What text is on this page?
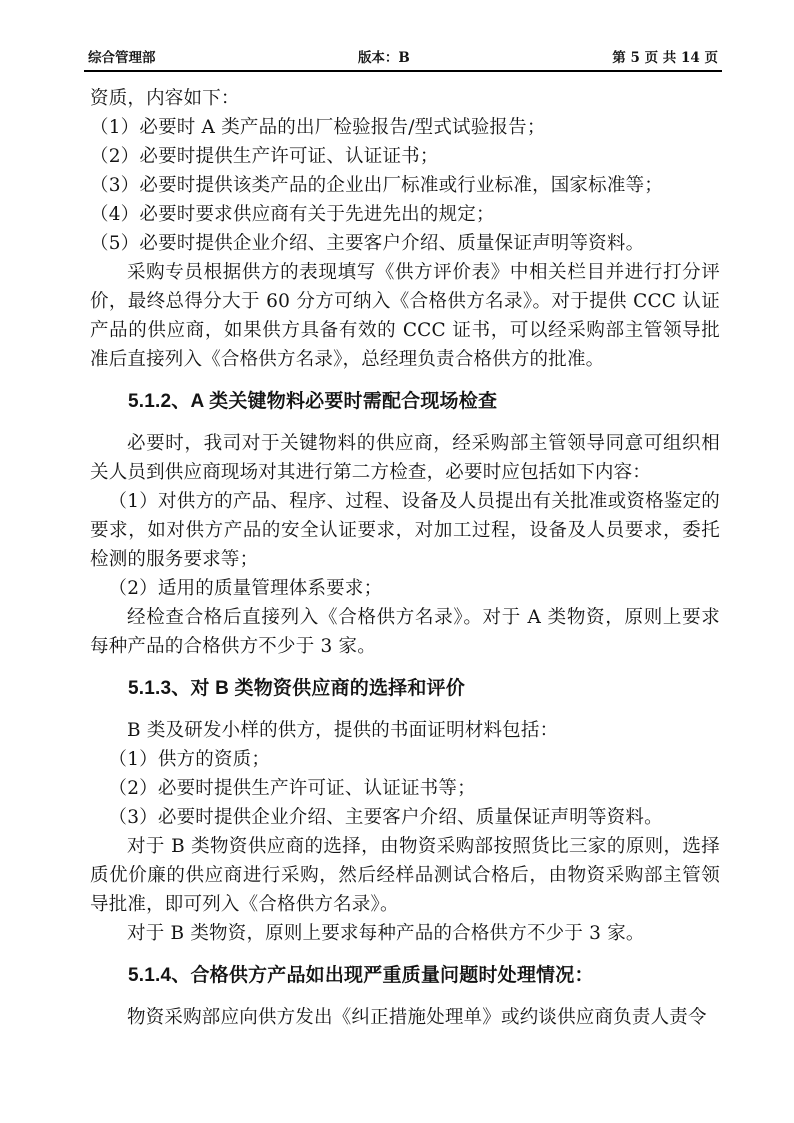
综合管理部	版本：B	第 5 页 共 14 页

资质，内容如下：

（1）必要时 A 类产品的出厂检验报告/型式试验报告；

（2）必要时提供生产许可证、认证证书；

（3）必要时提供该类产品的企业出厂标准或行业标准，国家标准等；

（4）必要时要求供应商有关于先进先出的规定；

（5）必要时提供企业介绍、主要客户介绍、质量保证声明等资料。

采购专员根据供方的表现填写《供方评价表》中相关栏目并进行打分评价，最终总得分大于 60 分方可纳入《合格供方名录》。对于提供 CCC 认证产品的供应商，如果供方具备有效的 CCC 证书，可以经采购部主管领导批准后直接列入《合格供方名录》，总经理负责合格供方的批准。

5.1.2、A 类关键物料必要时需配合现场检查

必要时，我司对于关键物料的供应商，经采购部主管领导同意可组织相关人员到供应商现场对其进行第二方检查，必要时应包括如下内容：

（1）对供方的产品、程序、过程、设备及人员提出有关批准或资格鉴定的要求，如对供方产品的安全认证要求，对加工过程，设备及人员要求，委托检测的服务要求等；

（2）适用的质量管理体系要求；

经检查合格后直接列入《合格供方名录》。对于 A 类物资，原则上要求每种产品的合格供方不少于 3 家。

5.1.3、对 B 类物资供应商的选择和评价

B 类及研发小样的供方，提供的书面证明材料包括：

（1）供方的资质；

（2）必要时提供生产许可证、认证证书等；

（3）必要时提供企业介绍、主要客户介绍、质量保证声明等资料。

对于 B 类物资供应商的选择，由物资采购部按照货比三家的原则，选择质优价廉的供应商进行采购，然后经样品测试合格后，由物资采购部主管领导批准，即可列入《合格供方名录》。

对于 B 类物资，原则上要求每种产品的合格供方不少于 3 家。

5.1.4、合格供方产品如出现严重质量问题时处理情况：

物资采购部应向供方发出《纠正措施处理单》或约谈供应商负责人责令
